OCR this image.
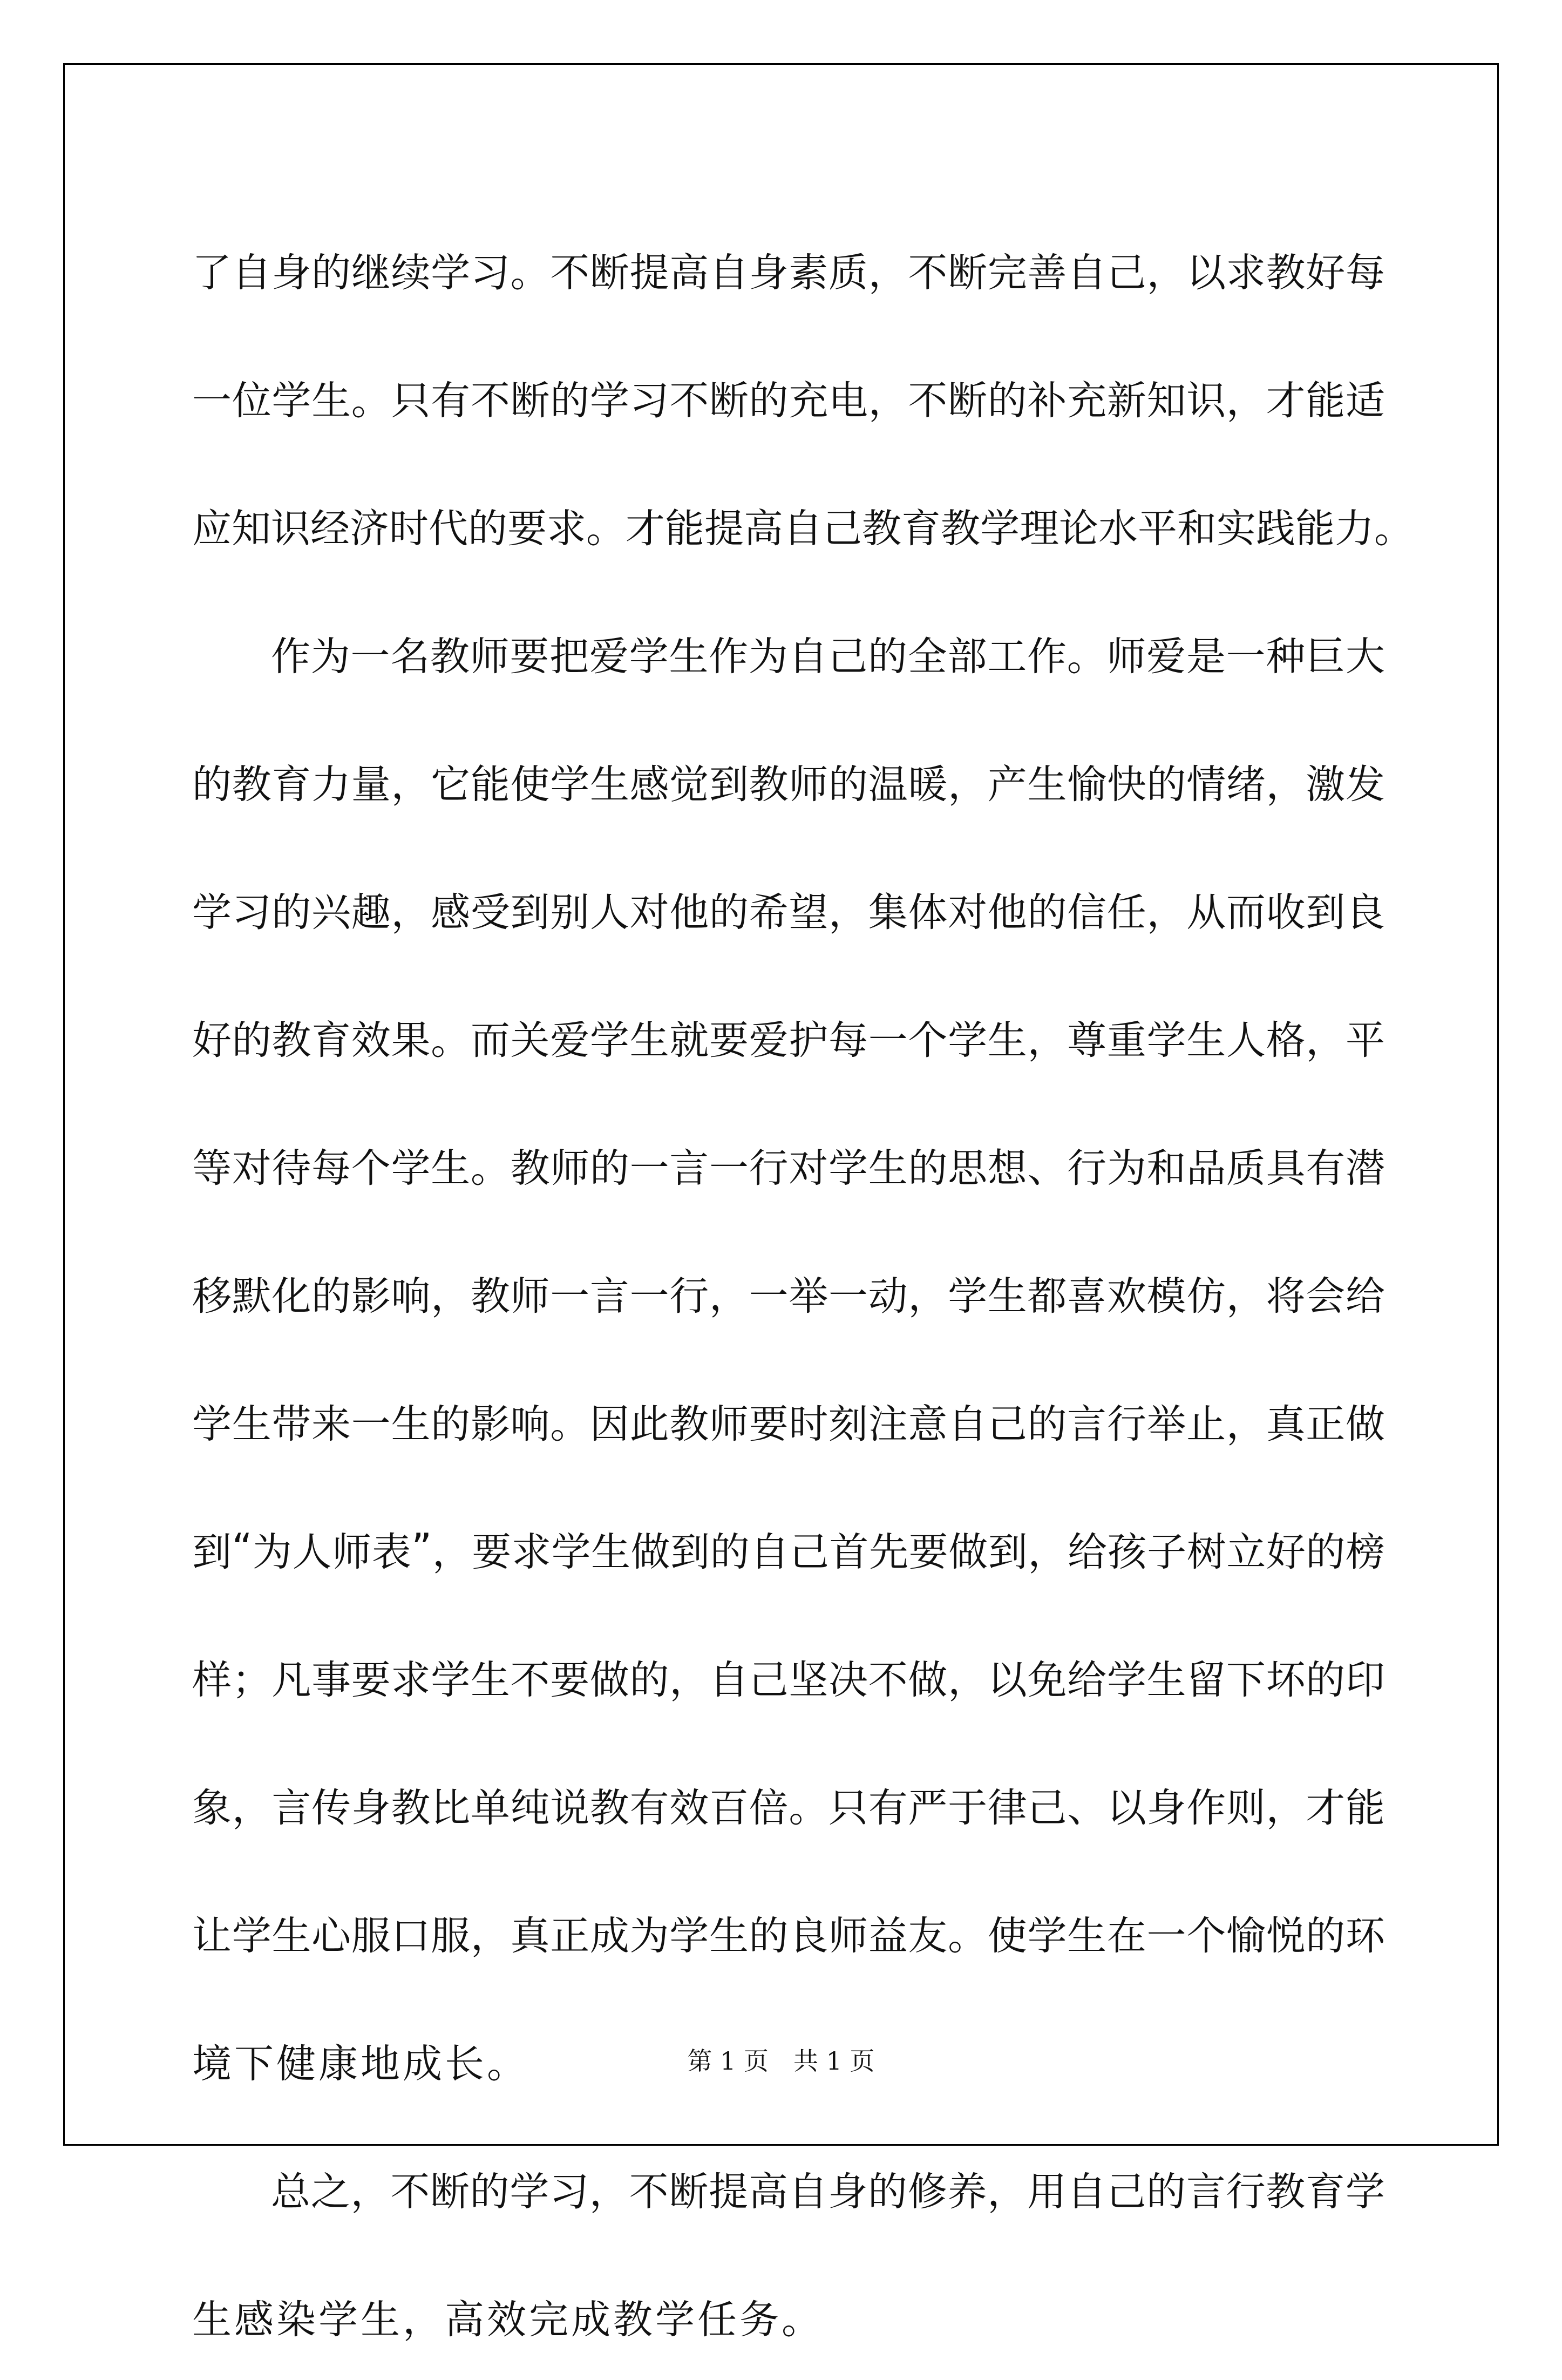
了 自 身 的 继 续 学 习 。 不 断 提 高 自 身 素 质 ， 不 断 完 善 自 己 ， 以 求 教 好 每
一 位 学 生 。 只 有 不 断 的 学 习 不 断 的 充 电 ， 不 断 的 补 充 新 知 识 ， 才 能 适
应 知 识 经 济 时 代 的 要 求 。 才 能 提 高 自 己 教 育 教 学 理 论 水 平 和 实 践 能 力 。
作 为 一 名 教 师 要 把 爱 学 生 作 为 自 己 的 全 部 工 作 。 师 爱 是 一 种 巨 大
的 教 育 力 量 ， 它 能 使 学 生 感 觉 到 教 师 的 温 暖 ， 产 生 愉 快 的 情 绪 ， 激 发
学 习 的 兴 趣 ， 感 受 到 别 人 对 他 的 希 望 ， 集 体 对 他 的 信 任 ， 从 而 收 到 良
好 的 教 育 效 果 。 而 关 爱 学 生 就 要 爱 护 每 一 个 学 生 ， 尊 重 学 生 人 格 ， 平
等 对 待 每 个 学 生 。 教 师 的 一 言 一 行 对 学 生 的 思 想 、 行 为 和 品 质 具 有 潜
移 默 化 的 影 响 ， 教 师 一 言 一 行 ， 一 举 一 动 ， 学 生 都 喜 欢 模 仿 ， 将 会 给
学 生 带 来 一 生 的 影 响 。 因 此 教 师 要 时 刻 注 意 自 己 的 言 行 举 止 ， 真 正 做
到 “ 为 人 师 表 ” ， 要 求 学 生 做 到 的 自 己 首 先 要 做 到 ， 给 孩 子 树 立 好 的 榜
样 ； 凡 事 要 求 学 生 不 要 做 的 ， 自 己 坚 决 不 做 ， 以 免 给 学 生 留 下 坏 的 印
象 ， 言 传 身 教 比 单 纯 说 教 有 效 百 倍 。 只 有 严 于 律 己 、 以 身 作 则 ， 才 能
让 学 生 心 服 口 服 ， 真 正 成 为 学 生 的 良 师 益 友 。 使 学 生 在 一 个 愉 悦 的 环
境 下 健 康 地 成 长 。
总 之 ， 不 断 的 学 习 ， 不 断 提 高 自 身 的 修 养 ， 用 自 己 的 言 行 教 育 学
生 感 染 学 生 ， 高 效 完 成 教 学 任 务 。
第 1 页　共 1 页
